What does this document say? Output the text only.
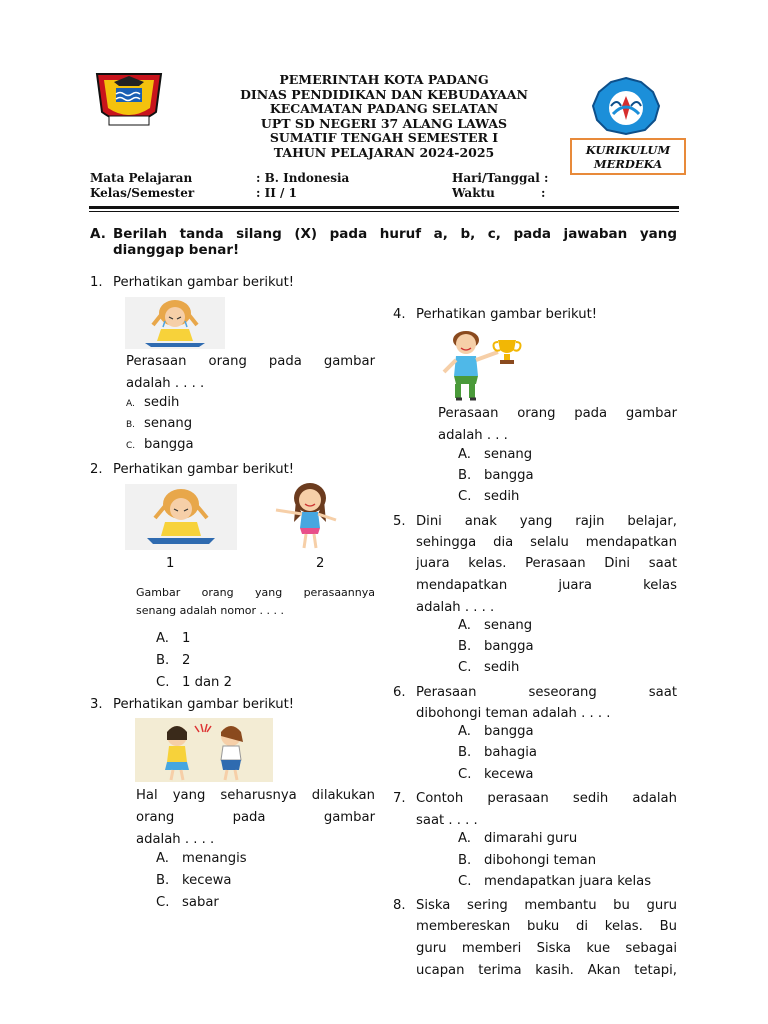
PEMERINTAH KOTA PADANG
DINAS PENDIDIKAN DAN KEBUDAYAAN
KECAMATAN PADANG SELATAN
UPT SD NEGERI 37 ALANG LAWAS
SUMATIF TENGAH SEMESTER I
TAHUN PELAJARAN 2024-2025	KURIKULUM
MERDEKA
Mata Pelajaran	: B. Indonesia	Hari/Tanggal :
Kelas/Semester	: II / 1	Waktu	:
A. Berilah tanda silang (X) pada huruf a, b, c, pada jawaban yang
dianggap benar!
1. Perhatikan gambar berikut!
Perasaan orang pada gambar
adalah . . . .
A. sedih
B. senang
C. bangga
2. Perhatikan gambar berikut!
1	2
Gambar orang yang perasaannya
senang adalah nomor . . . .
A. 1
B. 2
C. 1 dan 2
3. Perhatikan gambar berikut!
Hal yang seharusnya dilakukan
orang pada gambar
adalah . . . .
A. menangis
B. kecewa
C. sabar
4. Perhatikan gambar berikut!
Perasaan orang pada gambar
adalah . . .
A. senang
B. bangga
C. sedih
5. Dini anak yang rajin belajar,
sehingga dia selalu mendapatkan
juara kelas. Perasaan Dini saat
mendapatkan juara kelas
adalah . . . .
A. senang
B. bangga
C. sedih
6. Perasaan seseorang saat
dibohongi teman adalah . . . .
A. bangga
B. bahagia
C. kecewa
7. Contoh perasaan sedih adalah
saat . . . .
A. dimarahi guru
B. dibohongi teman
C. mendapatkan juara kelas
8. Siska sering membantu bu guru
membereskan buku di kelas. Bu
guru memberi Siska kue sebagai
ucapan terima kasih. Akan tetapi,
